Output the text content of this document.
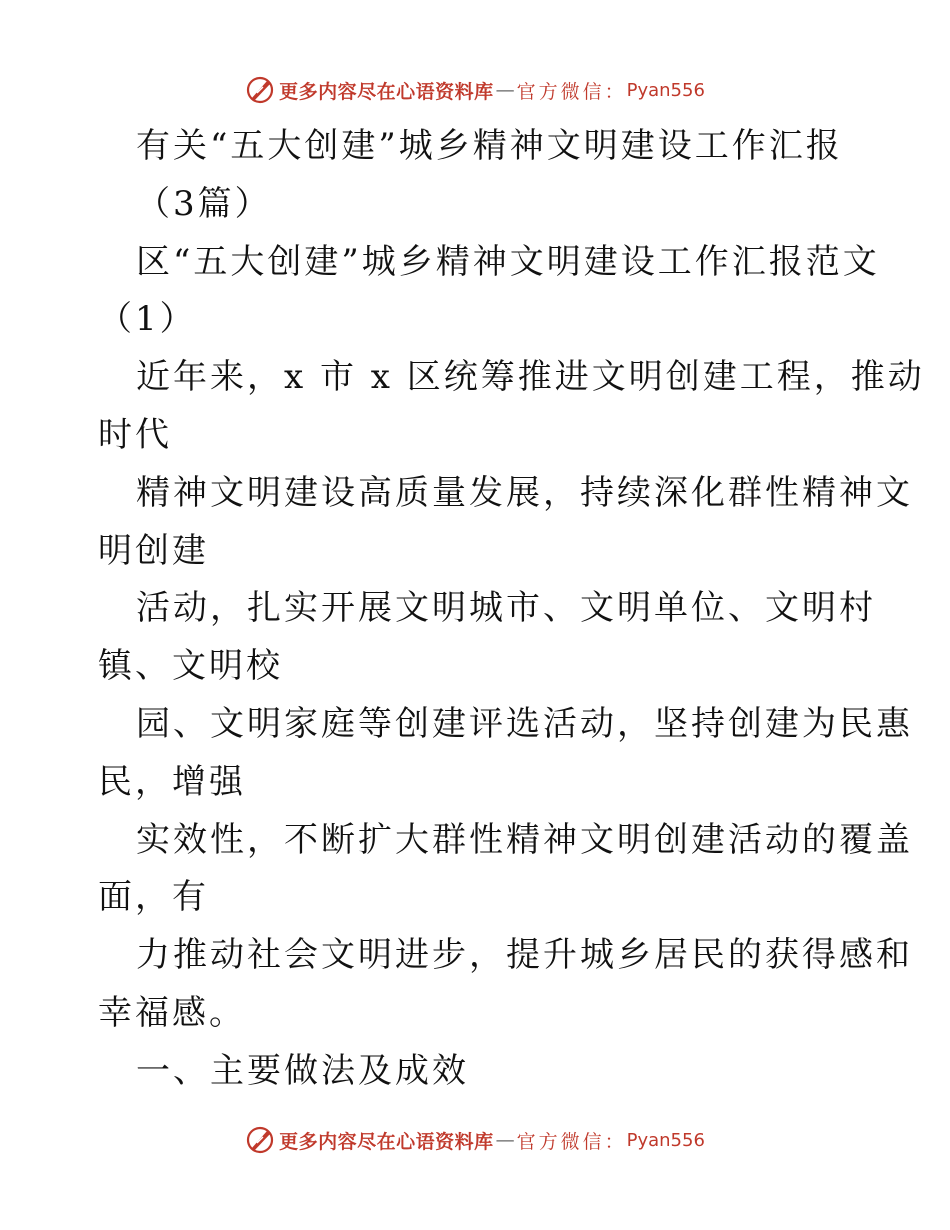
更多内容尽在心语资料库 — 官方微信： Pyan556
有关“五大创建”城乡精神文明建设工作汇报
（3篇）
区“五大创建”城乡精神文明建设工作汇报范文
（1）
近年来，x 市 x 区统筹推进文明创建工程，推动
时代
精神文明建设高质量发展，持续深化群性精神文
明创建
活动，扎实开展文明城市、文明单位、文明村
镇、文明校
园、文明家庭等创建评选活动，坚持创建为民惠
民，增强
实效性，不断扩大群性精神文明创建活动的覆盖
面，有
力推动社会文明进步，提升城乡居民的获得感和
幸福感。
一、主要做法及成效
更多内容尽在心语资料库 — 官方微信： Pyan556
